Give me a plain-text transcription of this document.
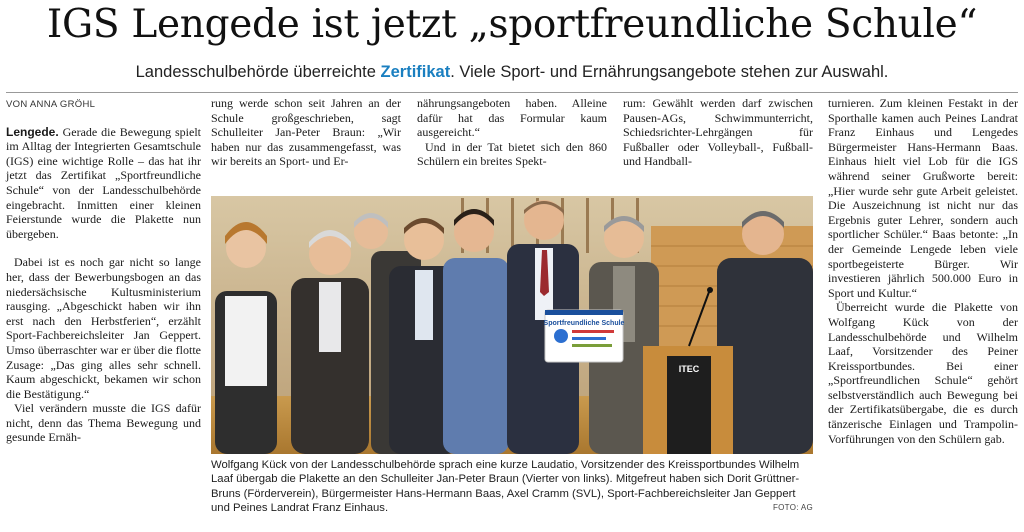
IGS Lengede ist jetzt „sportfreundliche Schule“
Landesschulbehörde überreichte Zertifikat. Viele Sport- und Ernährungsangebote stehen zur Auswahl.
VON ANNA GRÖHL

Lengede. Gerade die Bewegung spielt im Alltag der Integrierten Gesamtschule (IGS) eine wichtige Rolle – das hat ihr jetzt das Zertifikat „Sportfreundliche Schule“ von der Landesschulbehörde eingebracht. Inmitten einer kleinen Feierstunde wurde die Plakette nun übergeben.

Dabei ist es noch gar nicht so lange her, dass der Bewerbungsbogen an das niedersächsische Kultusministerium rausging. „Abgeschickt haben wir ihn erst nach den Herbstferien“, erzählt Sport-Fachbereichsleiter Jan Geppert. Umso überraschter war er über die flotte Zusage: „Das ging alles sehr schnell. Kaum abgeschickt, bekamen wir schon die Bestätigung.“

Viel verändern musste die IGS dafür nicht, denn das Thema Bewegung und gesunde Ernäh-

rung werde schon seit Jahren an der Schule großgeschrieben, sagt Schulleiter Jan-Peter Braun: „Wir haben nur das zusammengefasst, was wir bereits an Sport- und Er-

nährungsangeboten haben. Alleine dafür hat das Formular kaum ausgereicht.“

Und in der Tat bietet sich den 860 Schülern ein breites Spekt-

rum: Gewählt werden darf zwischen Pausen-AGs, Schwimmunterricht, Schiedsrichter-Lehrgängen für Fußballer oder Volleyball-, Fußball- und Handball-

turnieren. Zum kleinen Festakt in der Sporthalle kamen auch Peines Landrat Franz Einhaus und Lengedes Bürgermeister Hans-Hermann Baas. Einhaus hielt viel Lob für die IGS während seiner Grußworte bereit: „Hier wurde sehr gute Arbeit geleistet. Die Auszeichnung ist nicht nur das Ergebnis guter Lehrer, sondern auch sportlicher Schüler.“ Baas betonte: „In der Gemeinde Lengede leben viele sportbegeisterte Bürger. Wir investieren jährlich 500.000 Euro in Sport und Kultur.“

Überreicht wurde die Plakette von Wolfgang Kück von der Landesschulbehörde und Wilhelm Laaf, Vorsitzender des Peiner Kreissportbundes. Bei einer „Sportfreundlichen Schule“ gehört selbstverständlich auch Bewegung bei der Zertifikatsübergabe, die es durch tänzerische Einlagen und Trampolin-Vorführungen von den Schülern gab.

Sportfreundliche Schule
ITEC
Wolfgang Kück von der Landesschulbehörde sprach eine kurze Laudatio, Vorsitzender des Kreissportbundes Wilhelm Laaf übergab die Plakette an den Schulleiter Jan-Peter Braun (Vierter von links). Mitgefreut haben sich Dorit Grüttner-Bruns (Förderverein), Bürgermeister Hans-Hermann Baas, Axel Cramm (SVL), Sport-Fachbereichsleiter Jan Geppert und Peines Landrat Franz Einhaus.	FOTO: AG
